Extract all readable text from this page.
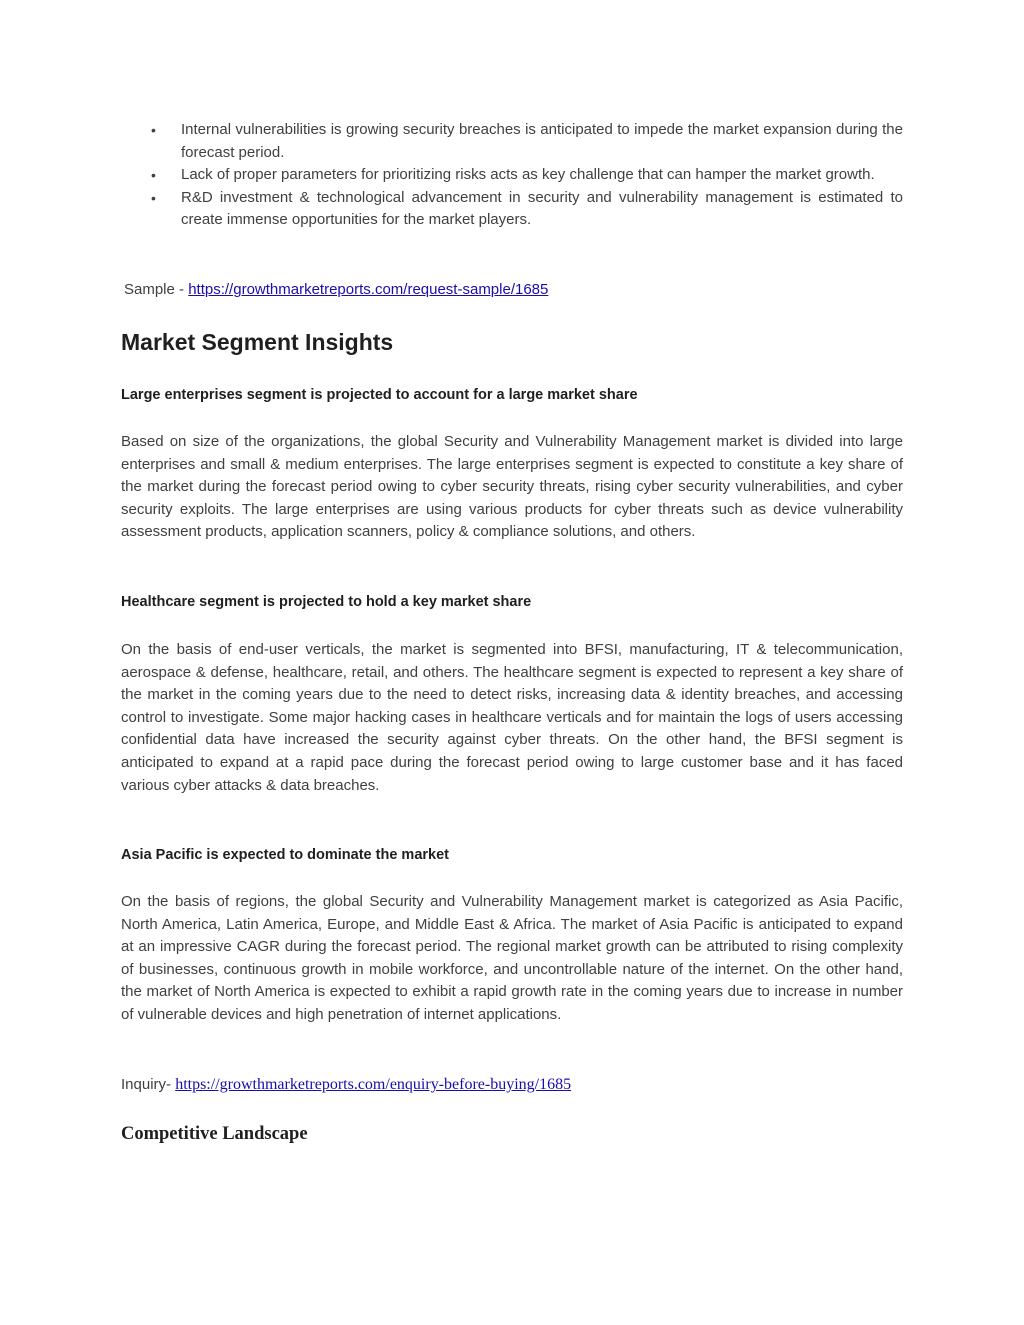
• Internal vulnerabilities is growing security breaches is anticipated to impede the market expansion during the forecast period.
• Lack of proper parameters for prioritizing risks acts as key challenge that can hamper the market growth.
• R&D investment & technological advancement in security and vulnerability management is estimated to create immense opportunities for the market players.
Sample - https://growthmarketreports.com/request-sample/1685
Market Segment Insights
Large enterprises segment is projected to account for a large market share

Based on size of the organizations, the global Security and Vulnerability Management market is divided into large enterprises and small & medium enterprises. The large enterprises segment is expected to constitute a key share of the market during the forecast period owing to cyber security threats, rising cyber security vulnerabilities, and cyber security exploits. The large enterprises are using various products for cyber threats such as device vulnerability assessment products, application scanners, policy & compliance solutions, and others.

Healthcare segment is projected to hold a key market share

On the basis of end-user verticals, the market is segmented into BFSI, manufacturing, IT & telecommunication, aerospace & defense, healthcare, retail, and others. The healthcare segment is expected to represent a key share of the market in the coming years due to the need to detect risks, increasing data & identity breaches, and accessing control to investigate. Some major hacking cases in healthcare verticals and for maintain the logs of users accessing confidential data have increased the security against cyber threats. On the other hand, the BFSI segment is anticipated to expand at a rapid pace during the forecast period owing to large customer base and it has faced various cyber attacks & data breaches.

Asia Pacific is expected to dominate the market

On the basis of regions, the global Security and Vulnerability Management market is categorized as Asia Pacific, North America, Latin America, Europe, and Middle East & Africa. The market of Asia Pacific is anticipated to expand at an impressive CAGR during the forecast period. The regional market growth can be attributed to rising complexity of businesses, continuous growth in mobile workforce, and uncontrollable nature of the internet. On the other hand, the market of North America is expected to exhibit a rapid growth rate in the coming years due to increase in number of vulnerable devices and high penetration of internet applications.

Inquiry- https://growthmarketreports.com/enquiry-before-buying/1685
Competitive Landscape
